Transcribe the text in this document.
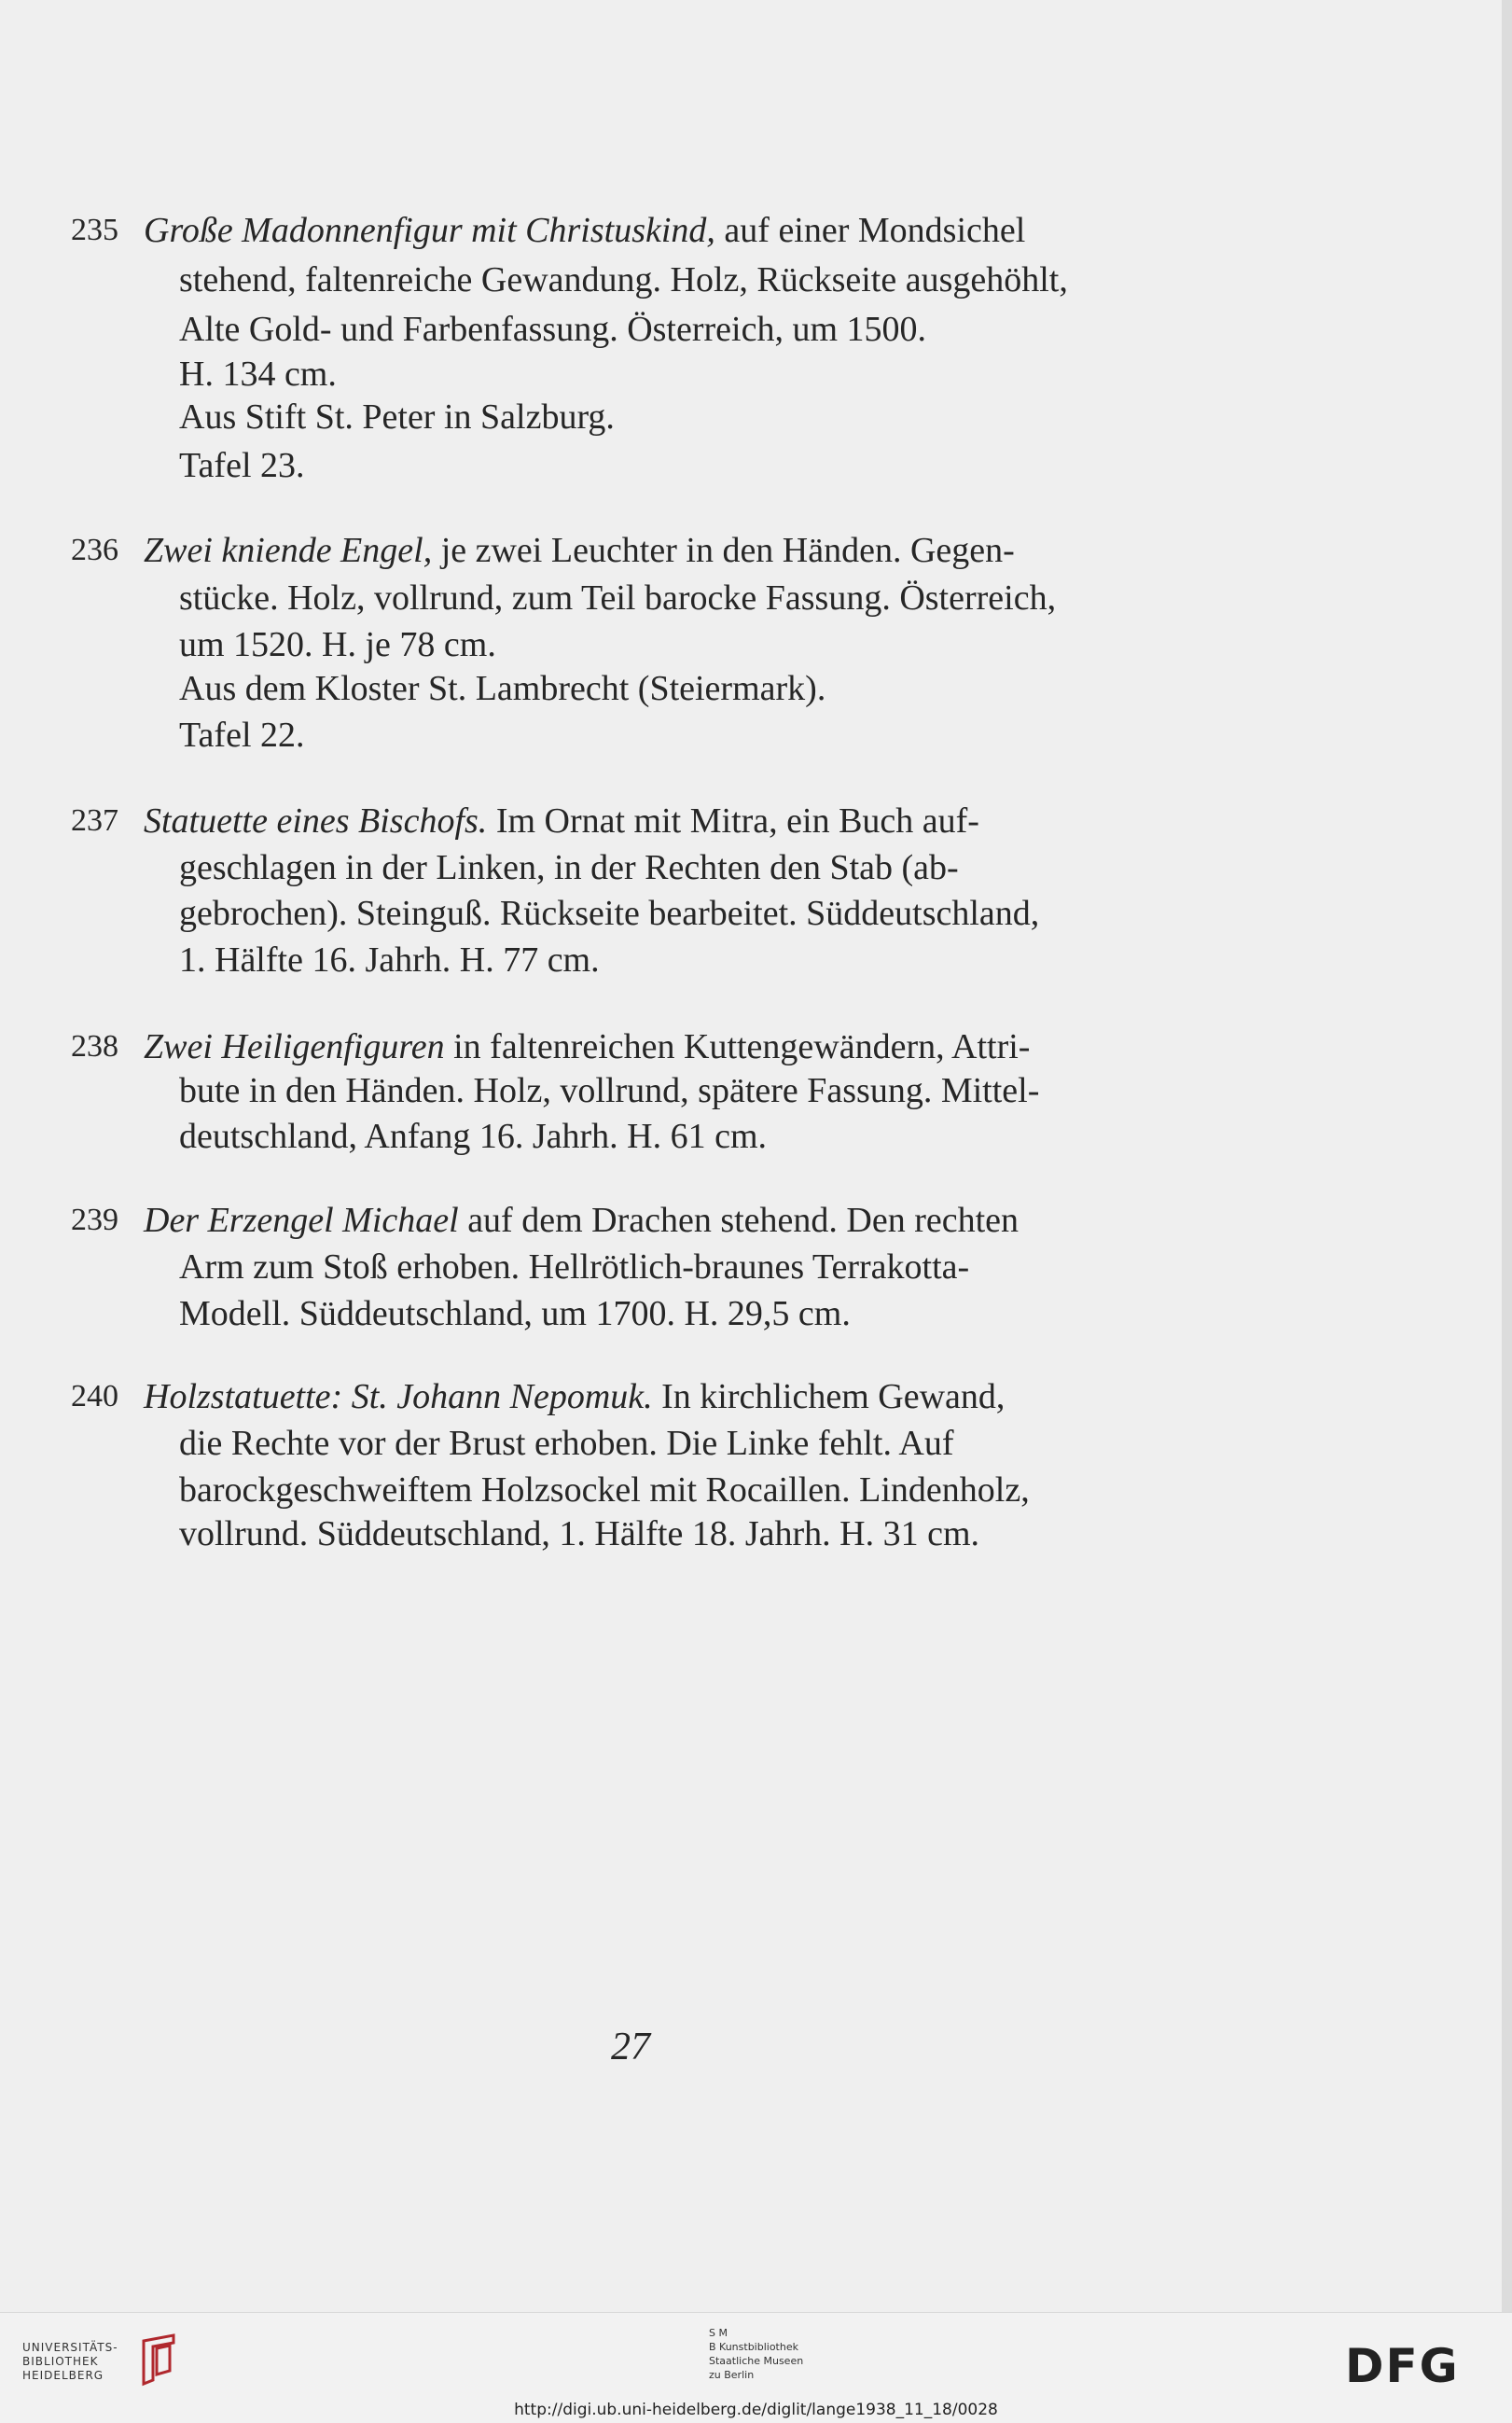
235 Große Madonnenfigur mit Christuskind, auf einer Mondsichel
stehend, faltenreiche Gewandung. Holz, Rückseite ausgehöhlt,
Alte Gold- und Farbenfassung. Österreich, um 1500.
H. 134 cm.
Aus Stift St. Peter in Salzburg.
Tafel 23.
236 Zwei kniende Engel, je zwei Leuchter in den Händen. Gegen-
stücke. Holz, vollrund, zum Teil barocke Fassung. Österreich,
um 1520. H. je 78 cm.
Aus dem Kloster St. Lambrecht (Steiermark).
Tafel 22.
237 Statuette eines Bischofs. Im Ornat mit Mitra, ein Buch auf-
geschlagen in der Linken, in der Rechten den Stab (ab-
gebrochen). Steinguß. Rückseite bearbeitet. Süddeutschland,
1. Hälfte 16. Jahrh. H. 77 cm.
238 Zwei Heiligenfiguren in faltenreichen Kuttengewändern, Attri-
bute in den Händen. Holz, vollrund, spätere Fassung. Mittel-
deutschland, Anfang 16. Jahrh. H. 61 cm.
239 Der Erzengel Michael auf dem Drachen stehend. Den rechten
Arm zum Stoß erhoben. Hellrötlich-braunes Terrakotta-
Modell. Süddeutschland, um 1700. H. 29,5 cm.
240 Holzstatuette: St. Johann Nepomuk. In kirchlichem Gewand,
die Rechte vor der Brust erhoben. Die Linke fehlt. Auf
barockgeschweiftem Holzsockel mit Rocaillen. Lindenholz,
vollrund. Süddeutschland, 1. Hälfte 18. Jahrh. H. 31 cm.
27
UNIVERSITÄTS-
BIBLIOTHEK
HEIDELBERG
S M
B Kunstbibliothek
Staatliche Museen
zu Berlin	DFG
http://digi.ub.uni-heidelberg.de/diglit/lange1938_11_18/0028
